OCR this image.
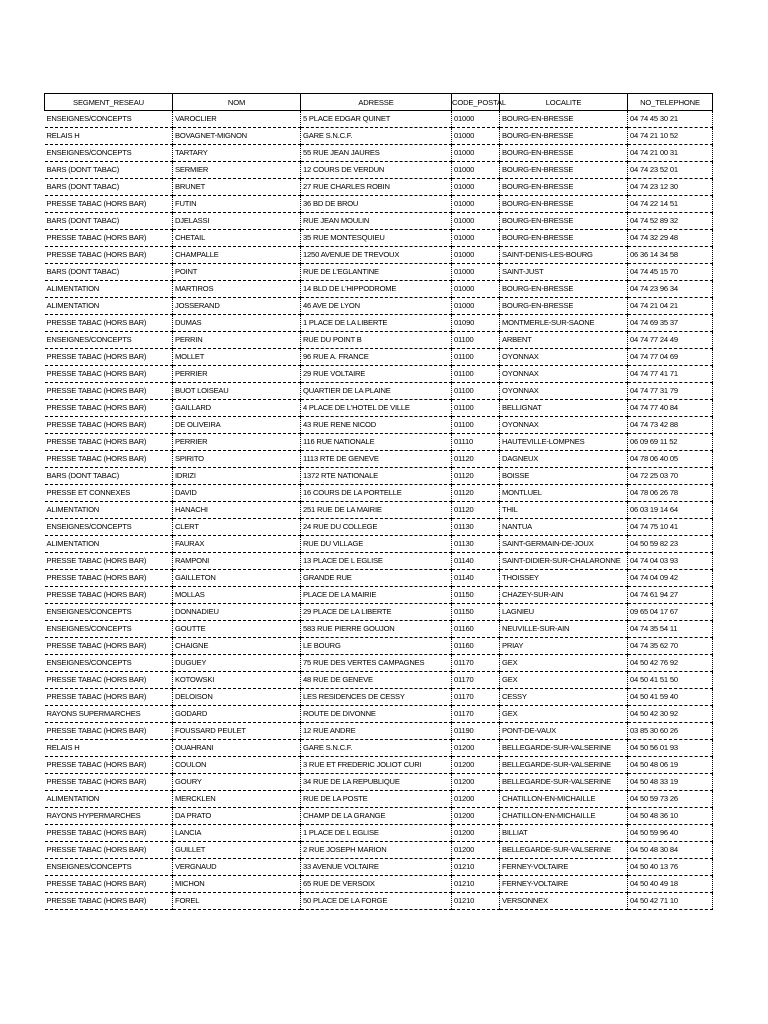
SEGMENT_RESEAU	NOM	ADRESSE	CODE_POSTAL	LOCALITE	NO_TELEPHONE
ENSEIGNES/CONCEPTS	VAROCLIER	5 PLACE EDGAR QUINET	01000	BOURG-EN-BRESSE	04 74 45 30 21
RELAIS H	BOVAGNET-MIGNON	GARE S.N.C.F.	01000	BOURG-EN-BRESSE	04 74 21 10 52
ENSEIGNES/CONCEPTS	TARTARY	55 RUE JEAN JAURES	01000	BOURG-EN-BRESSE	04 74 21 00 31
BARS (DONT TABAC)	SERMIER	12 COURS DE VERDUN	01000	BOURG-EN-BRESSE	04 74 23 52 01
BARS (DONT TABAC)	BRUNET	27 RUE CHARLES ROBIN	01000	BOURG-EN-BRESSE	04 74 23 12 30
PRESSE TABAC (HORS BAR)	FUTIN	36 BD DE BROU	01000	BOURG-EN-BRESSE	04 74 22 14 51
BARS (DONT TABAC)	DJELASSI	RUE JEAN MOULIN	01000	BOURG-EN-BRESSE	04 74 52 89 32
PRESSE TABAC (HORS BAR)	CHETAIL	35 RUE MONTESQUIEU	01000	BOURG-EN-BRESSE	04 74 32 29 48
PRESSE TABAC (HORS BAR)	CHAMPALLE	1250 AVENUE DE TREVOUX	01000	SAINT-DENIS-LES-BOURG	06 36 14 34 58
BARS (DONT TABAC)	POINT	RUE DE L'EGLANTINE	01000	SAINT-JUST	04 74 45 15 70
ALIMENTATION	MARTIROS	14 BLD DE L'HIPPODROME	01000	BOURG-EN-BRESSE	04 74 23 96 34
ALIMENTATION	JOSSERAND	46 AVE DE LYON	01000	BOURG-EN-BRESSE	04 74 21 04 21
PRESSE TABAC (HORS BAR)	DUMAS	1 PLACE DE LA LIBERTE	01090	MONTMERLE-SUR-SAONE	04 74 69 35 37
ENSEIGNES/CONCEPTS	PERRIN	RUE DU POINT B	01100	ARBENT	04 74 77 24 49
PRESSE TABAC (HORS BAR)	MOLLET	96 RUE A. FRANCE	01100	OYONNAX	04 74 77 04 69
PRESSE TABAC (HORS BAR)	PERRIER	29 RUE VOLTAIRE	01100	OYONNAX	04 74 77 41 71
PRESSE TABAC (HORS BAR)	BUOT LOISEAU	QUARTIER DE LA PLAINE	01100	OYONNAX	04 74 77 31 79
PRESSE TABAC (HORS BAR)	GAILLARD	4 PLACE DE L'HOTEL DE VILLE	01100	BELLIGNAT	04 74 77 40 84
PRESSE TABAC (HORS BAR)	DE OLIVEIRA	43 RUE RENE NICOD	01100	OYONNAX	04 74 73 42 88
PRESSE TABAC (HORS BAR)	PERRIER	116 RUE NATIONALE	01110	HAUTEVILLE-LOMPNES	06 09 69 11 52
PRESSE TABAC (HORS BAR)	SPIRITO	1113 RTE DE GENEVE	01120	DAGNEUX	04 78 06 40 05
BARS (DONT TABAC)	IDRIZI	1372 RTE NATIONALE	01120	BOISSE	04 72 25 03 70
PRESSE ET CONNEXES	DAVID	16 COURS DE LA PORTELLE	01120	MONTLUEL	04 78 06 26 78
ALIMENTATION	HANACHI	251 RUE DE LA MAIRIE	01120	THIL	06 03 19 14 64
ENSEIGNES/CONCEPTS	CLERT	24 RUE DU COLLEGE	01130	NANTUA	04 74 75 10 41
ALIMENTATION	FAURAX	RUE DU VILLAGE	01130	SAINT-GERMAIN-DE-JOUX	04 50 59 82 23
PRESSE TABAC (HORS BAR)	RAMPONI	13 PLACE DE L EGLISE	01140	SAINT-DIDIER-SUR-CHALARONNE	04 74 04 03 93
PRESSE TABAC (HORS BAR)	GAILLETON	GRANDE RUE	01140	THOISSEY	04 74 04 09 42
PRESSE TABAC (HORS BAR)	MOLLAS	PLACE DE LA MAIRIE	01150	CHAZEY-SUR-AIN	04 74 61 94 27
ENSEIGNES/CONCEPTS	DONNADIEU	29 PLACE DE LA LIBERTE	01150	LAGNIEU	09 65 04 17 67
ENSEIGNES/CONCEPTS	GOUTTE	583 RUE PIERRE GOUJON	01160	NEUVILLE-SUR-AIN	04 74 35 54 11
PRESSE TABAC (HORS BAR)	CHAIGNE	LE BOURG	01160	PRIAY	04 74 35 62 70
ENSEIGNES/CONCEPTS	DUGUEY	75 RUE DES VERTES CAMPAGNES	01170	GEX	04 50 42 76 92
PRESSE TABAC (HORS BAR)	KOTOWSKI	48 RUE DE GENEVE	01170	GEX	04 50 41 51 50
PRESSE TABAC (HORS BAR)	DELOISON	LES RESIDENCES DE CESSY	01170	CESSY	04 50 41 59 40
RAYONS SUPERMARCHES	GODARD	ROUTE DE DIVONNE	01170	GEX	04 50 42 30 92
PRESSE TABAC (HORS BAR)	FOUSSARD PEULET	12 RUE ANDRE	01190	PONT-DE-VAUX	03 85 30 60 26
RELAIS H	OUAHRANI	GARE S.N.C.F.	01200	BELLEGARDE-SUR-VALSERINE	04 50 56 01 93
PRESSE TABAC (HORS BAR)	COULON	3 RUE ET FREDERIC JOLIOT CURI	01200	BELLEGARDE-SUR-VALSERINE	04 50 48 06 19
PRESSE TABAC (HORS BAR)	GOURY	34 RUE DE LA REPUBLIQUE	01200	BELLEGARDE-SUR-VALSERINE	04 50 48 33 19
ALIMENTATION	MERCKLEN	RUE DE LA POSTE	01200	CHATILLON-EN-MICHAILLE	04 50 59 73 26
RAYONS HYPERMARCHES	DA PRATO	CHAMP DE LA GRANGE	01200	CHATILLON-EN-MICHAILLE	04 50 48 36 10
PRESSE TABAC (HORS BAR)	LANCIA	1 PLACE DE L EGLISE	01200	BILLIAT	04 50 59 96 40
PRESSE TABAC (HORS BAR)	GUILLET	2 RUE JOSEPH MARION	01200	BELLEGARDE-SUR-VALSERINE	04 50 48 30 84
ENSEIGNES/CONCEPTS	VERGNAUD	33 AVENUE VOLTAIRE	01210	FERNEY-VOLTAIRE	04 50 40 13 76
PRESSE TABAC (HORS BAR)	MICHON	65 RUE DE VERSOIX	01210	FERNEY-VOLTAIRE	04 50 40 49 18
PRESSE TABAC (HORS BAR)	FOREL	50 PLACE DE LA FORGE	01210	VERSONNEX	04 50 42 71 10
